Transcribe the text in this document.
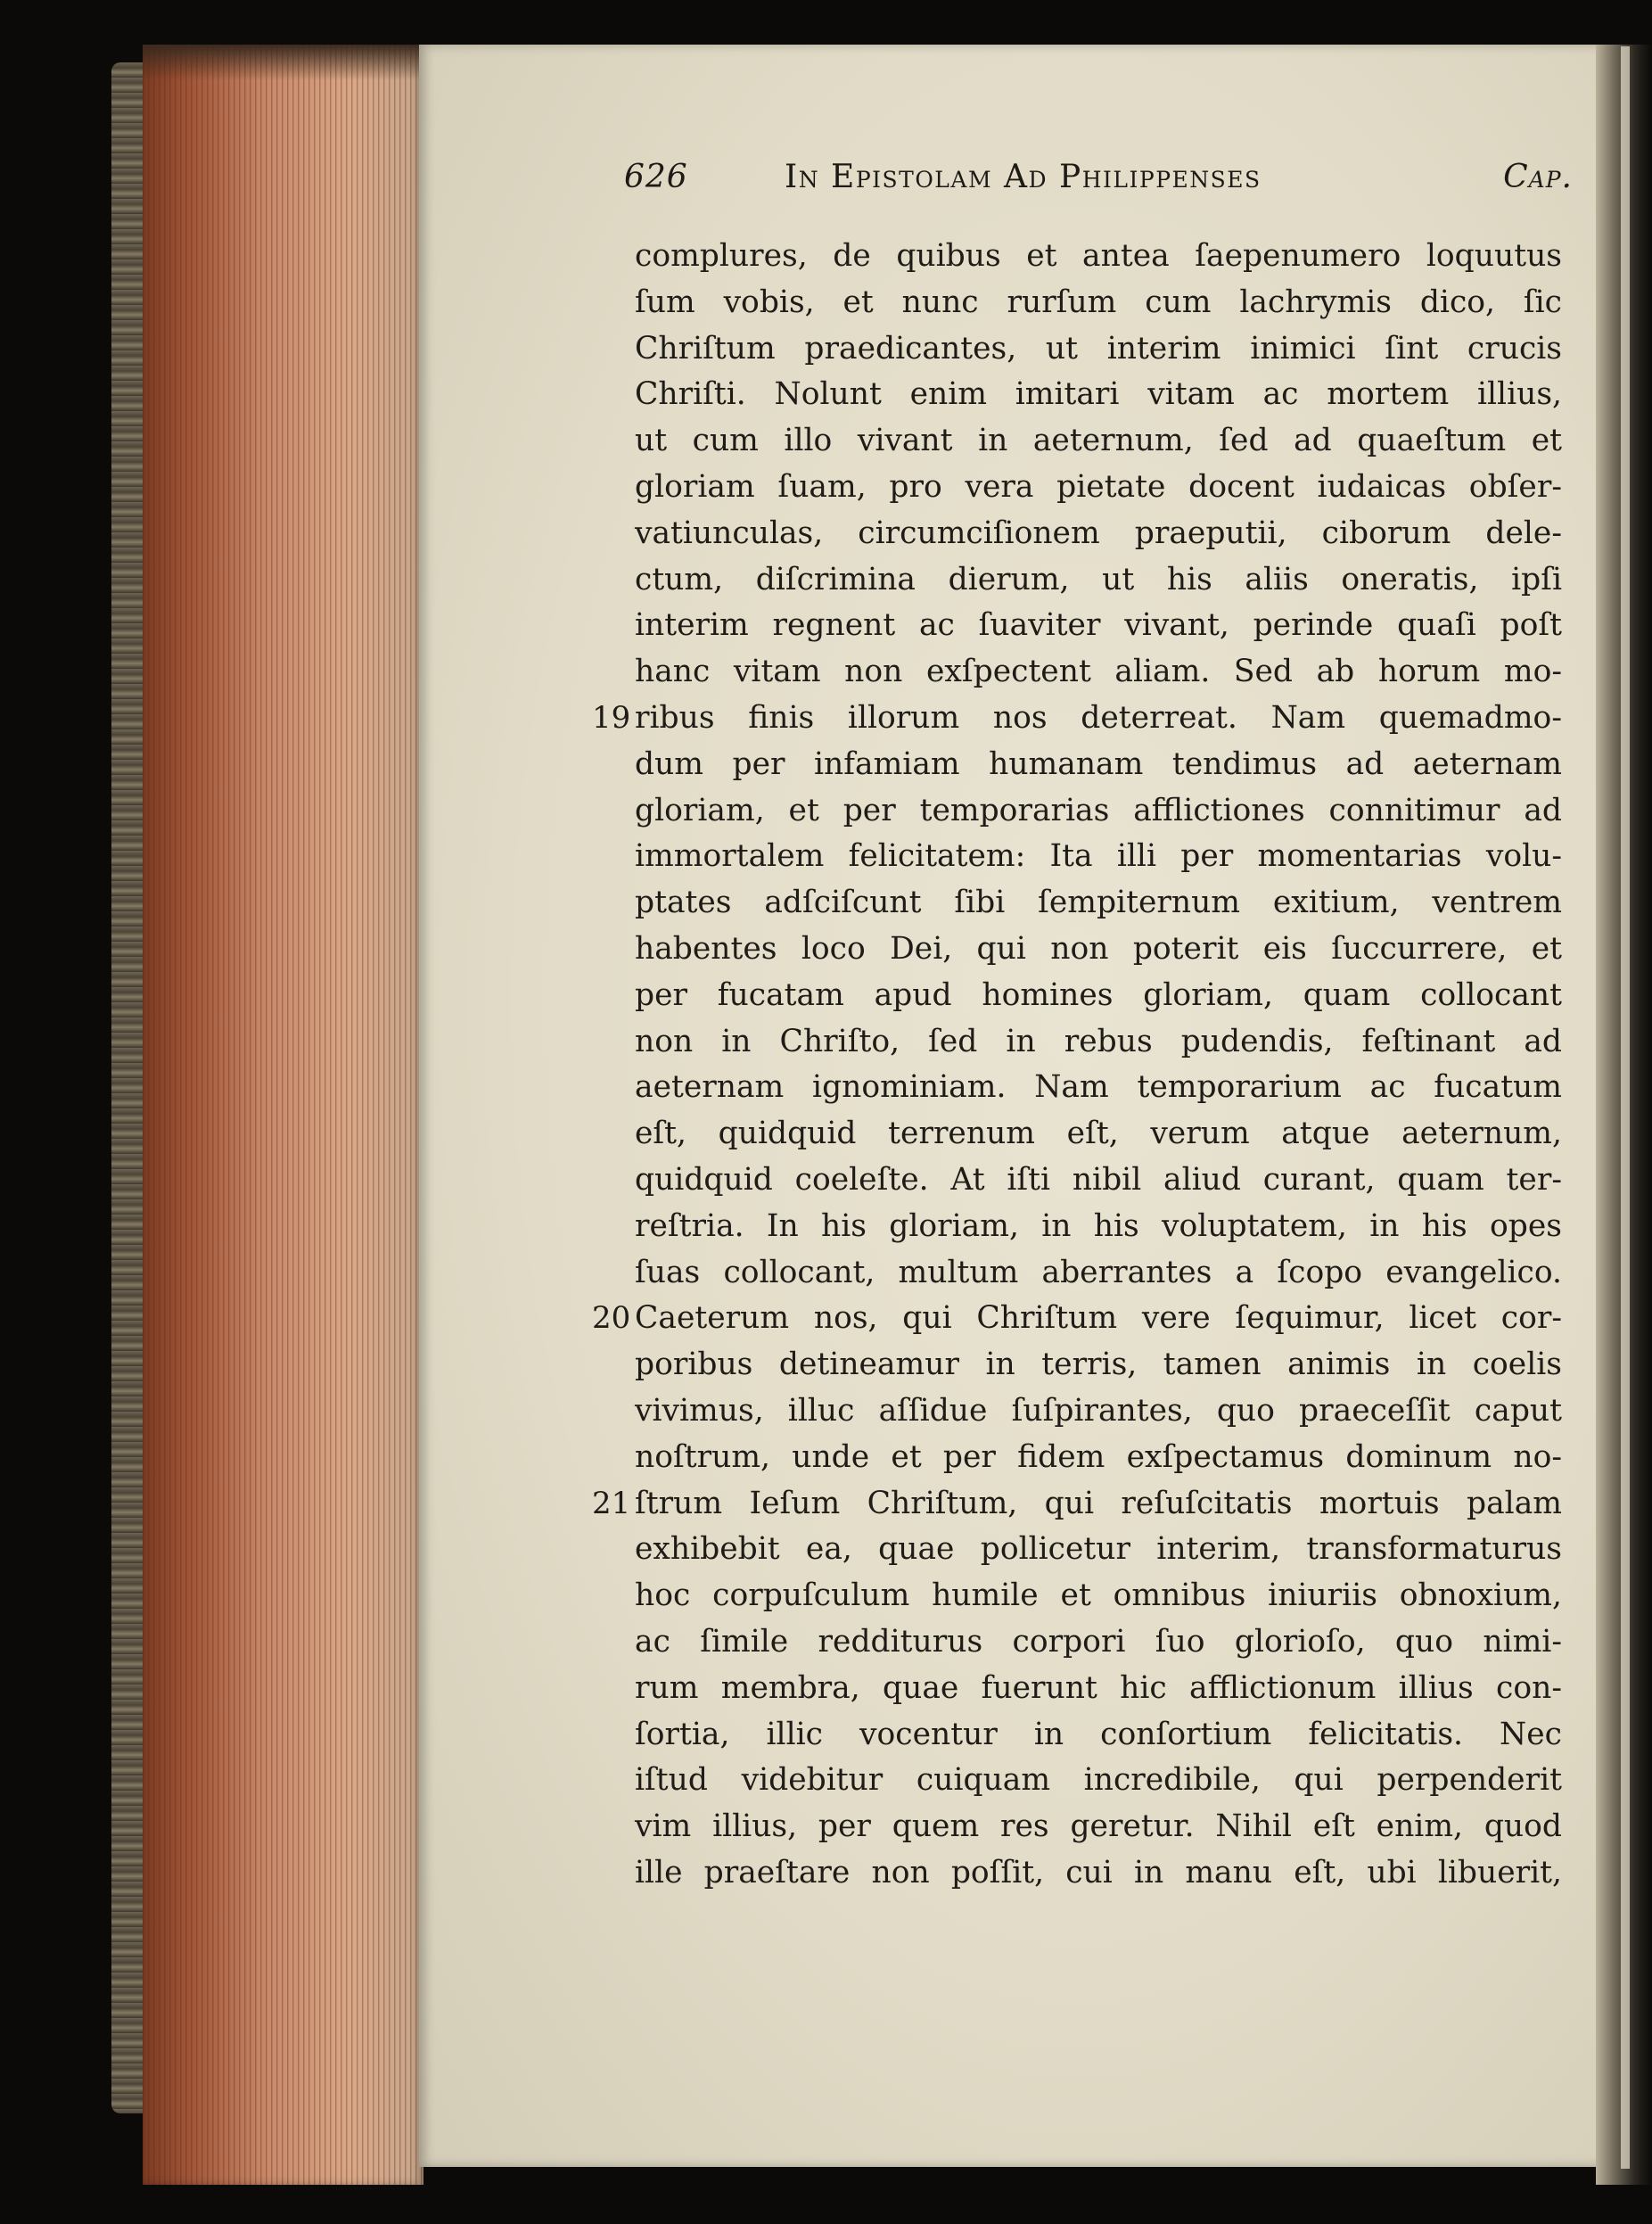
626	In Epistolam Ad Philippenses	Cap.
complures, de quibus et antea ſaepenumero loquutus
ſum vobis, et nunc rurſum cum lachrymis dico, ſic
Chriſtum praedicantes, ut interim inimici ſint crucis
Chriſti. Nolunt enim imitari vitam ac mortem illius,
ut cum illo vivant in aeternum, ſed ad quaeſtum et
gloriam ſuam, pro vera pietate docent iudaicas obſer-
vatiunculas, circumciſionem praeputii, ciborum dele-
ctum, diſcrimina dierum, ut his aliis oneratis, ipſi
interim regnent ac ſuaviter vivant, perinde quaſi poſt
hanc vitam non exſpectent aliam. Sed ab horum mo-
19 ribus finis illorum nos deterreat. Nam quemadmo-
dum per infamiam humanam tendimus ad aeternam
gloriam, et per temporarias afflictiones connitimur ad
immortalem felicitatem: Ita illi per momentarias volu-
ptates adſciſcunt ſibi ſempiternum exitium, ventrem
habentes loco Dei, qui non poterit eis ſuccurrere, et
per fucatam apud homines gloriam, quam collocant
non in Chriſto, ſed in rebus pudendis, feſtinant ad
aeternam ignominiam. Nam temporarium ac fucatum
eſt, quidquid terrenum eſt, verum atque aeternum,
quidquid coeleſte. At iſti nibil aliud curant, quam ter-
reſtria. In his gloriam, in his voluptatem, in his opes
ſuas collocant, multum aberrantes a ſcopo evangelico.
20 Caeterum nos, qui Chriſtum vere ſequimur, licet cor-
poribus detineamur in terris, tamen animis in coelis
vivimus, illuc aſſidue ſuſpirantes, quo praeceſſit caput
noſtrum, unde et per fidem exſpectamus dominum no-
21 ſtrum Ieſum Chriſtum, qui reſuſcitatis mortuis palam
exhibebit ea, quae pollicetur interim, transformaturus
hoc corpuſculum humile et omnibus iniuriis obnoxium,
ac ſimile redditurus corpori ſuo glorioſo, quo nimi-
rum membra, quae fuerunt hic afflictionum illius con-
ſortia, illic vocentur in conſortium felicitatis. Nec
iſtud videbitur cuiquam incredibile, qui perpenderit
vim illius, per quem res geretur. Nihil eſt enim, quod
ille praeſtare non poſſit, cui in manu eſt, ubi libuerit,
